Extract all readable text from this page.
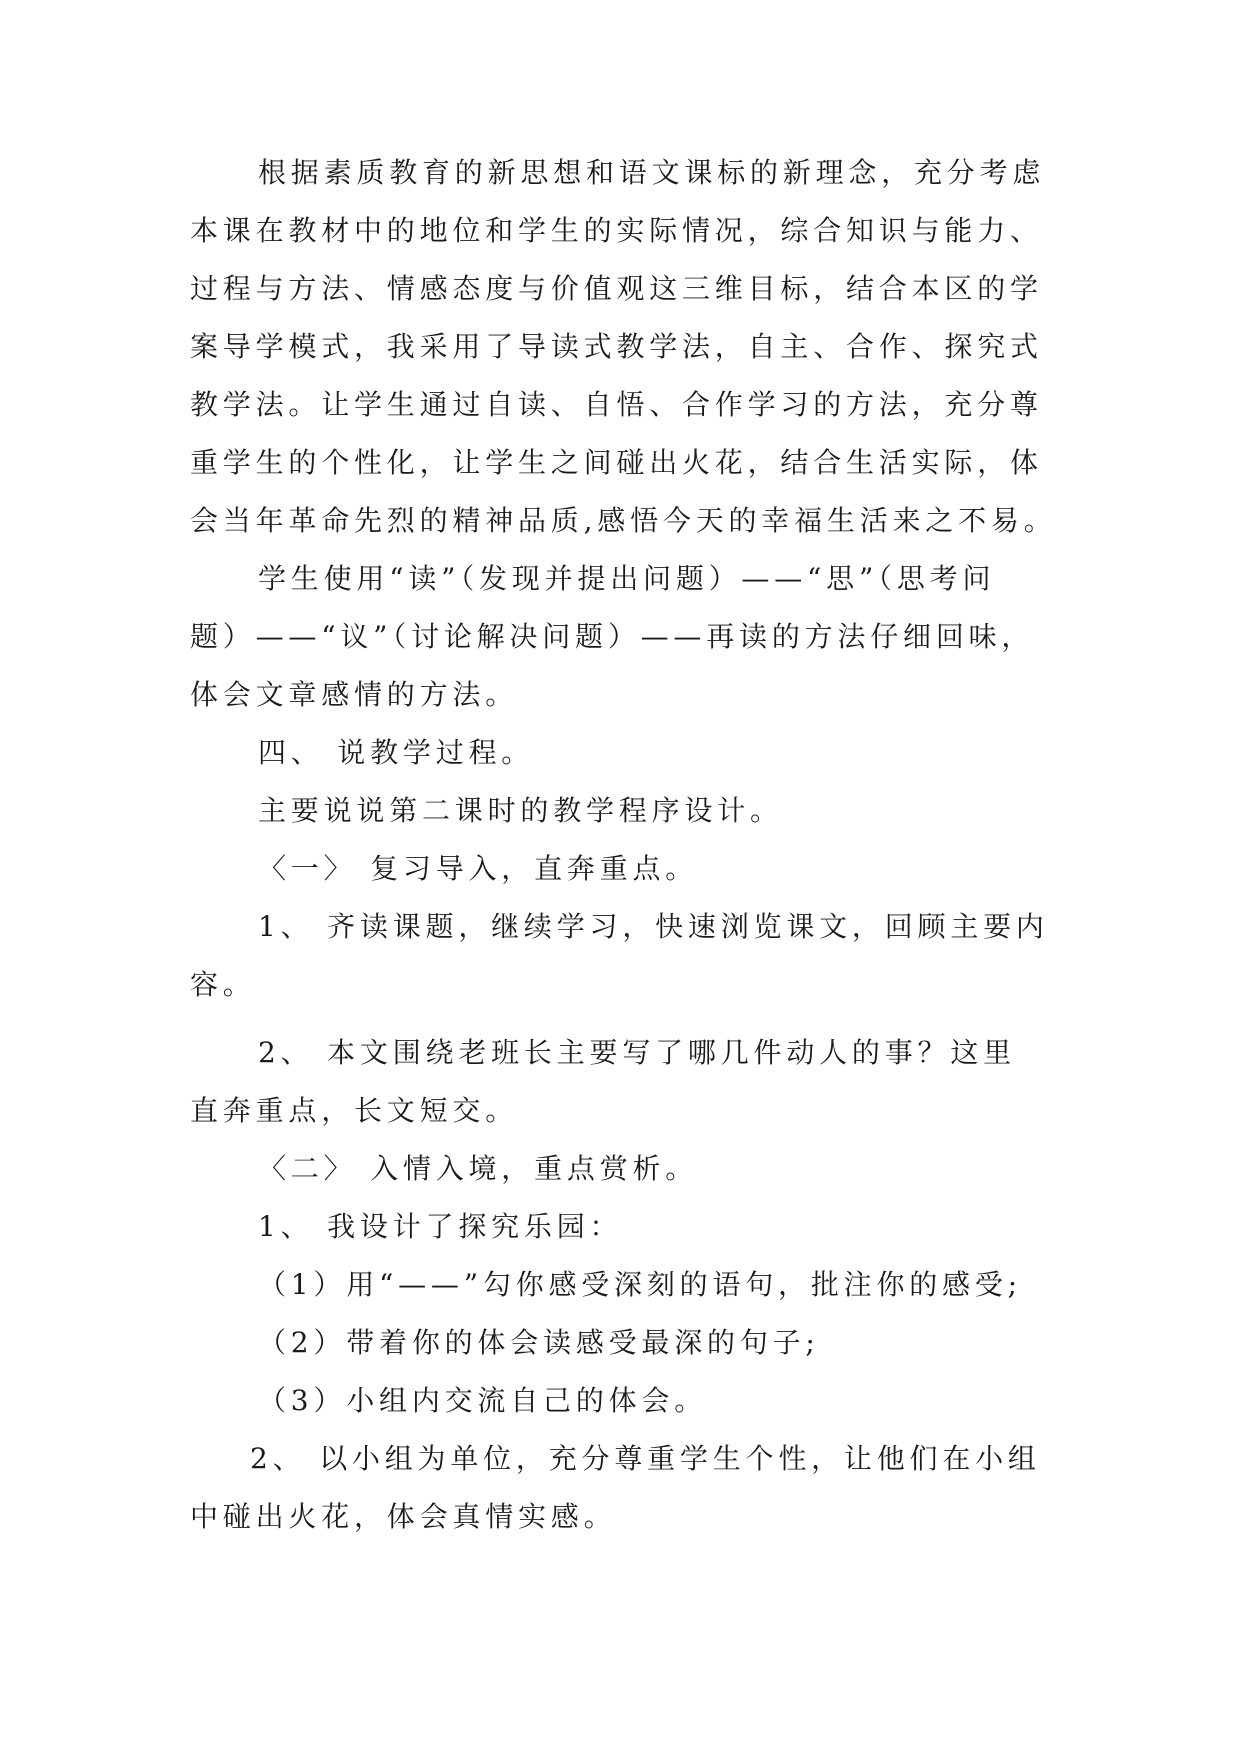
根据素质教育的新思想和语文课标的新理念，充分考虑
本课在教材中的地位和学生的实际情况，综合知识与能力、
过程与方法、情感态度与价值观这三维目标，结合本区的学
案导学模式，我采用了导读式教学法，自主、合作、探究式
教学法。让学生通过自读、自悟、合作学习的方法，充分尊
重学生的个性化，让学生之间碰出火花，结合生活实际，体
会当年革命先烈的精神品质,感悟今天的幸福生活来之不易。
学生使用“读”（发现并提出问题）——“思”（思考问
题）——“议”（讨论解决问题）——再读的方法仔细回味，
体会文章感情的方法。
四、 说教学过程。
主要说说第二课时的教学程序设计。
〈一〉 复习导入，直奔重点。
1、 齐读课题，继续学习，快速浏览课文，回顾主要内
容。
2、 本文围绕老班长主要写了哪几件动人的事？这里
直奔重点，长文短交。
〈二〉 入情入境，重点赏析。
1、 我设计了探究乐园：
（1）用“——”勾你感受深刻的语句，批注你的感受;
（2）带着你的体会读感受最深的句子;
（3）小组内交流自己的体会。
2、 以小组为单位，充分尊重学生个性，让他们在小组
中碰出火花，体会真情实感。
